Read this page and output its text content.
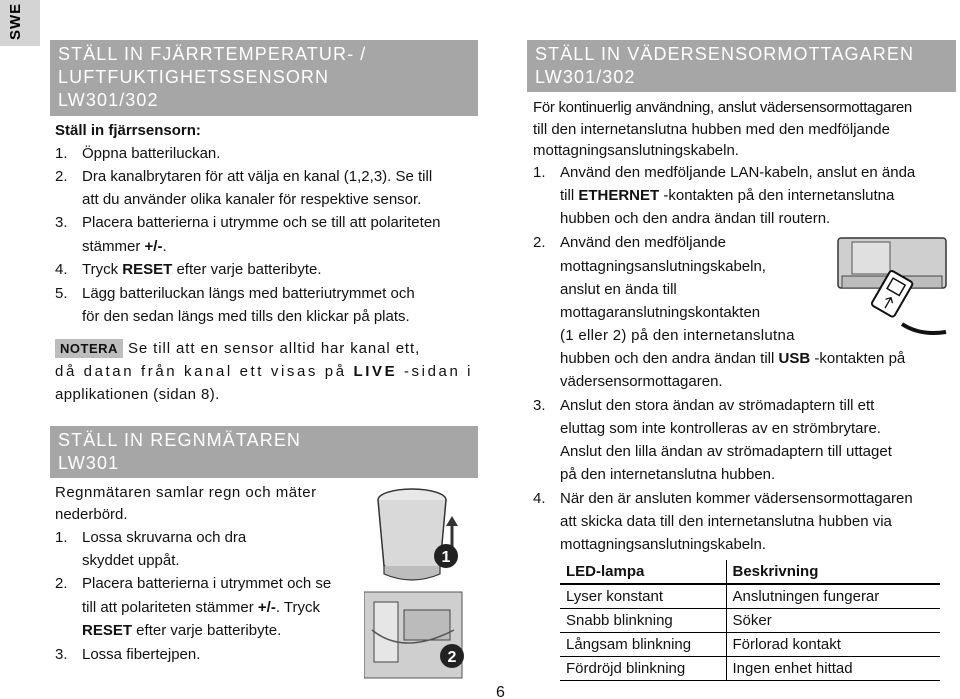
SWE
STÄLL IN FJÄRRTEMPERATUR- /
LUFTFUKTIGHETSSENSORN
LW301/302
Ställ in fjärrsensorn:
1. Öppna batteriluckan.
2. Dra kanalbrytaren för att välja en kanal (1,2,3). Se till
att du använder olika kanaler för respektive sensor.
3. Placera batterierna i utrymme och se till att polariteten
stämmer +/-.
4. Tryck RESET efter varje batteribyte.
5. Lägg batteriluckan längs med batteriutrymmet och
för den sedan längs med tills den klickar på plats.
NOTERA Se till att en sensor alltid har kanal ett,
då datan från kanal ett visas på LIVE -sidan i
applikationen (sidan 8).
STÄLL IN REGNMÄTAREN
LW301
Regnmätaren samlar regn och mäter
nederbörd.
1. Lossa skruvarna och dra
skyddet uppåt.
2. Placera batterierna i utrymmet och se
till att polariteten stämmer +/-. Tryck
RESET efter varje batteribyte.
3. Lossa fibertejpen.
1
2
STÄLL IN VÄDERSENSORMOTTAGAREN
LW301/302
För kontinuerlig användning, anslut vädersensormottagaren
till den internetanslutna hubben med den medföljande
mottagningsanslutningskabeln.
1. Använd den medföljande LAN-kabeln, anslut en ända
till ETHERNET -kontakten på den internetanslutna
hubben och den andra ändan till routern.
2. Använd den medföljande
mottagningsanslutningskabeln,
anslut en ända till
mottagaranslutningskontakten
(1 eller 2) på den internetanslutna
hubben och den andra ändan till USB -kontakten på
vädersensormottagaren.
3. Anslut den stora ändan av strömadaptern till ett
eluttag som inte kontrolleras av en strömbrytare.
Anslut den lilla ändan av strömadaptern till uttaget
på den internetanslutna hubben.
4. När den är ansluten kommer vädersensormottagaren
att skicka data till den internetanslutna hubben via
mottagningsanslutningskabeln.
LED-lampa	Beskrivning
Lyser konstant	Anslutningen fungerar
Snabb blinkning	Söker
Långsam blinkning	Förlorad kontakt
Fördröjd blinkning	Ingen enhet hittad
6
